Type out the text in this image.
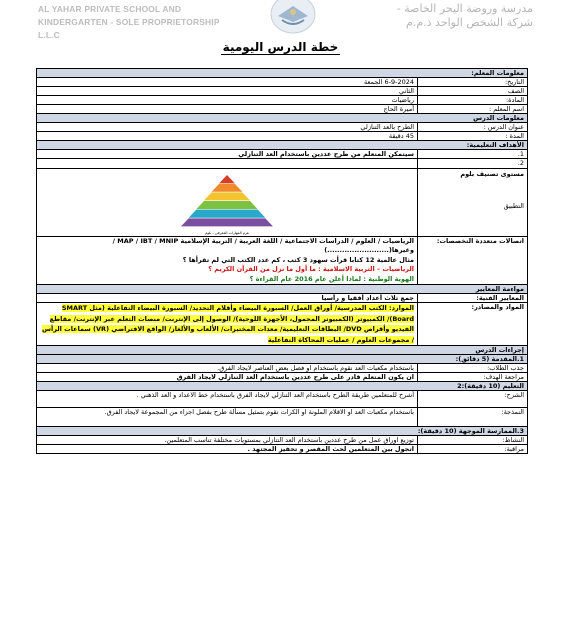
AL YAHAR PRIVATE SCHOOL AND
KINDERGARTEN - SOLE PROPRIETORSHIP
L.L.C
مدرسة وروضة اليحر الخاصة -
شركة الشخص الواحد ذ.م.م
خطة الدرس اليومية
معلومات المعلم:	
التاريخ:	6-9-2024 الجمعة
الصف	الثاني
المادة:	رياضيات
اسم المعلم :	أميرة الحاج
معلومات الدرس	
عنوان الدرس :	الطرح بالعد التنازلي
المدة :	45 دقيقة
الأهداف التعليمية:	
1.	سيتمكن المتعلم من طرح عددين باستخدام العد التنازلي
2.	

مستوى تصنيف بلوم
التطبيق	هرم المهارات المعرفي - بلوم

اتصالات متعددة التخصصات:	الرياضيات / العلوم / الدراسات الاجتماعية / اللغة العربية / التربية الإسلامية MAP / IBT / MNIP /
وغيرها(.........................)
مثال عالمية 12 كتابا قرأت سهود 3 كتب ، كم عدد الكتب التي لم تقرأها ؟
الرياضيات – التربية الاسلامية : ما أول ما نزل من القرآن الكريم ؟
الهوية الوطنية : لماذا أعلن عام 2016 عام القراءة ؟

مواءمة المعايير	
المعايير الفنية:	جمع ثلاث أعداد أفقيا و رأسيا
المواد والمصادر:	الموارد: الكتب المدرسية/ أوراق العمل/ السبورة البيضاء وأقلام التحديد/ السبورة البيضاء التفاعلية (مثل SMART Board)/ الكمبيوتر (الكمبيوتر المحمول، الأجهزة اللوحية)/ الوصول إلى الإنترنت/ منصات التعلم عبر الإنترنت/ مقاطع الفيديو وأقراص DVD/ البطاقات التعليمية/ معدات المختبرات/ الألعاب والألغاز/ الواقع الافتراضي (VR) سماعات الرأس / مجموعات العلوم / عمليات المحاكاة التفاعلية
إجراءات الدرس	
1.المقدمة (5 دقائق):	
جذب الطلاب:	باستخدام مكعبات العد نقوم باستخدام او فصل بعض العناصر لايجاد الفرق.
مراجعة الهدف:	ان يكون المتعلم قادر على طرح عددين باستخدام العد التنازلي لايجاد الفرق
التعليم (10 دقيقة):2	
الشرح:	أشرح للمتعلمين طريقة الطرح باستخدام العد التنازلي لايجاد الفرق باستخدام خط الاعداد و العد الذهني .
النمذجة:	باستخدام مكعبات العد او الاقلام الملونة او الكرات نقوم بتمثيل مسألة طرح بفصل اجزاء من المجموعة لايجاد الفرق.
3.الممارسة الموجهة (10 دقيقة):	
النشاط:	توزيع اوراق عمل من طرح عددين باستخدام العد التنازلي بمستويات مختلفة تناسب المتعلمين.
مراقبة:	اتجول بين المتعلمين لحث المقصر و تحفيز المجتهد .
